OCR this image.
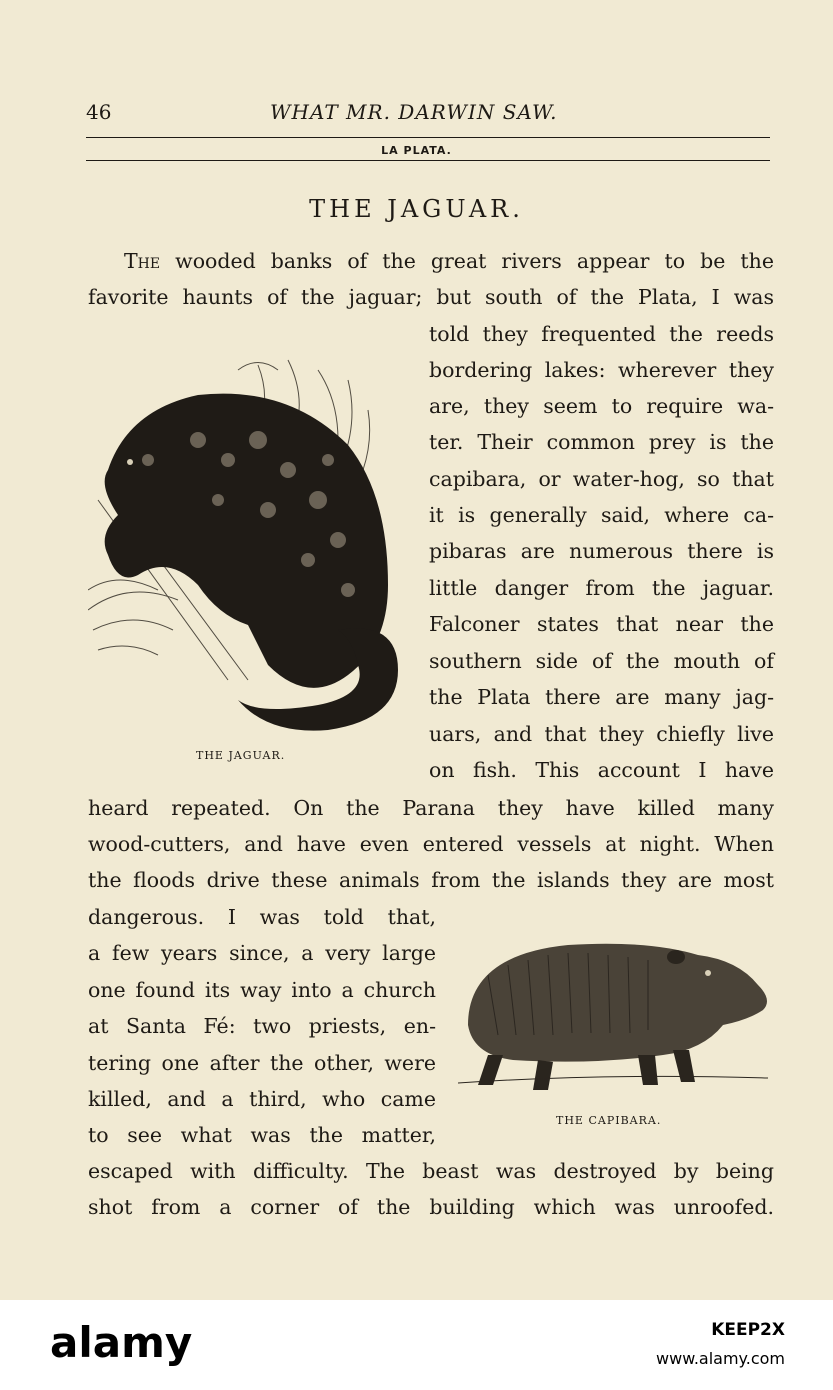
46	WHAT MR. DARWIN SAW.
LA PLATA.
THE JAGUAR.
The wooded banks of the great rivers appear to be the
favorite haunts of the jaguar; but south of the Plata, I was
told they frequented the reeds
bordering lakes: wherever they
are, they seem to require wa-
ter. Their common prey is the
capibara, or water-hog, so that
it is generally said, where ca-
pibaras are numerous there is
little danger from the jaguar.
Falconer states that near the
southern side of the mouth of
the Plata there are many jag-
uars, and that they chiefly live
on fish. This account I have
heard repeated. On the Parana they have killed many
wood-cutters, and have even entered vessels at night. When
the floods drive these animals from the islands they are most
dangerous. I was told that,
a few years since, a very large
one found its way into a church
at Santa Fé: two priests, en-
tering one after the other, were
killed, and a third, who came
to see what was the matter,
escaped with difficulty. The beast was destroyed by being
shot from a corner of the building which was unroofed.
THE JAGUAR.
THE CAPIBARA.
alamy	KEEP2X
www.alamy.com
